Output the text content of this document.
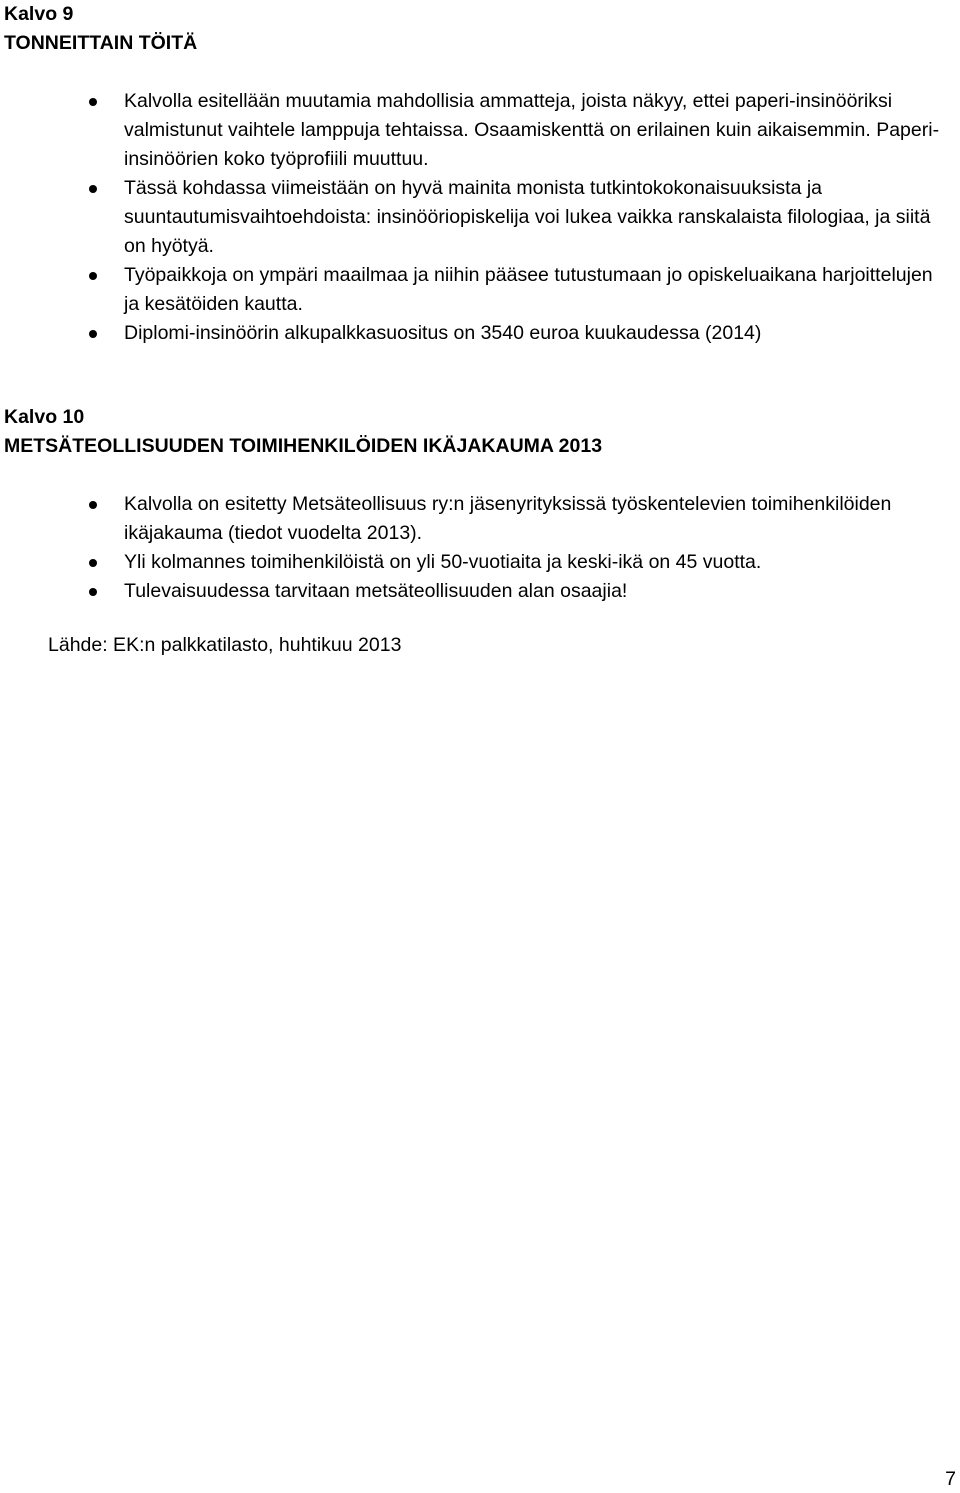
Kalvo 9

TONNEITTAIN TÖITÄ

Kalvolla esitellään muutamia mahdollisia ammatteja, joista näkyy, ettei paperi-insinööriksi valmistunut vaihtele lamppuja tehtaissa. Osaamiskenttä on erilainen kuin aikaisemmin. Paperi-insinöörien koko työprofiili muuttuu.
Tässä kohdassa viimeistään on hyvä mainita monista tutkintokokonaisuuksista ja suuntautumisvaihtoehdoista: insinööriopiskelija voi lukea vaikka ranskalaista filologiaa, ja siitä on hyötyä.
Työpaikkoja on ympäri maailmaa ja niihin pääsee tutustumaan jo opiskeluaikana harjoittelujen ja kesätöiden kautta.
Diplomi-insinöörin alkupalkkasuositus on 3540 euroa kuukaudessa (2014)

Kalvo 10

METSÄTEOLLISUUDEN TOIMIHENKILÖIDEN IKÄJAKAUMA 2013

Kalvolla on esitetty Metsäteollisuus ry:n jäsenyrityksissä työskentelevien toimihenkilöiden ikäjakauma (tiedot vuodelta 2013).
Yli kolmannes toimihenkilöistä on yli 50-vuotiaita ja keski-ikä on 45 vuotta.
Tulevaisuudessa tarvitaan metsäteollisuuden alan osaajia!
Lähde: EK:n palkkatilasto, huhtikuu 2013
7
